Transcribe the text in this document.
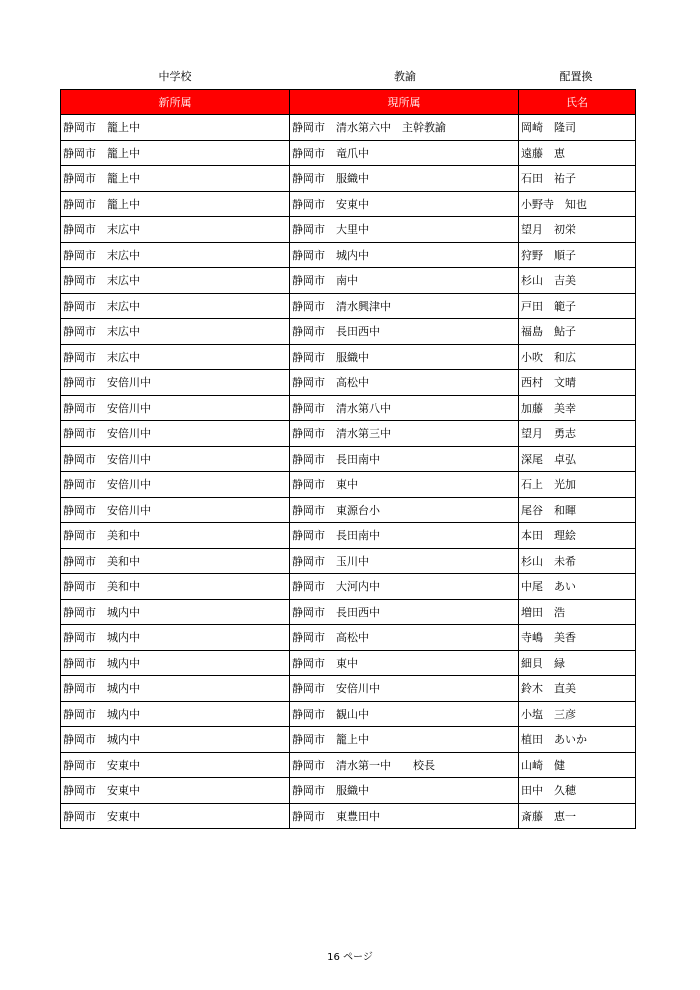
中学校	教諭	配置換
新所属	現所属	氏名
静岡市　籠上中	静岡市　清水第六中　主幹教諭	岡崎　隆司
静岡市　籠上中	静岡市　竜爪中	遠藤　恵
静岡市　籠上中	静岡市　服織中	石田　祐子
静岡市　籠上中	静岡市　安東中	小野寺　知也
静岡市　末広中	静岡市　大里中	望月　初栄
静岡市　末広中	静岡市　城内中	狩野　順子
静岡市　末広中	静岡市　南中	杉山　吉美
静岡市　末広中	静岡市　清水興津中	戸田　範子
静岡市　末広中	静岡市　長田西中	福島　鮎子
静岡市　末広中	静岡市　服織中	小吹　和広
静岡市　安倍川中	静岡市　高松中	西村　文晴
静岡市　安倍川中	静岡市　清水第八中	加藤　美幸
静岡市　安倍川中	静岡市　清水第三中	望月　勇志
静岡市　安倍川中	静岡市　長田南中	深尾　卓弘
静岡市　安倍川中	静岡市　東中	石上　光加
静岡市　安倍川中	静岡市　東源台小	尾谷　和暉
静岡市　美和中	静岡市　長田南中	本田　理絵
静岡市　美和中	静岡市　玉川中	杉山　未希
静岡市　美和中	静岡市　大河内中	中尾　あい
静岡市　城内中	静岡市　長田西中	増田　浩
静岡市　城内中	静岡市　高松中	寺嶋　美香
静岡市　城内中	静岡市　東中	細貝　緑
静岡市　城内中	静岡市　安倍川中	鈴木　直美
静岡市　城内中	静岡市　観山中	小塩　三彦
静岡市　城内中	静岡市　籠上中	植田　あいか
静岡市　安東中	静岡市　清水第一中　　校長	山崎　健
静岡市　安東中	静岡市　服織中	田中　久穂
静岡市　安東中	静岡市　東豊田中	斎藤　恵一
16 ページ
